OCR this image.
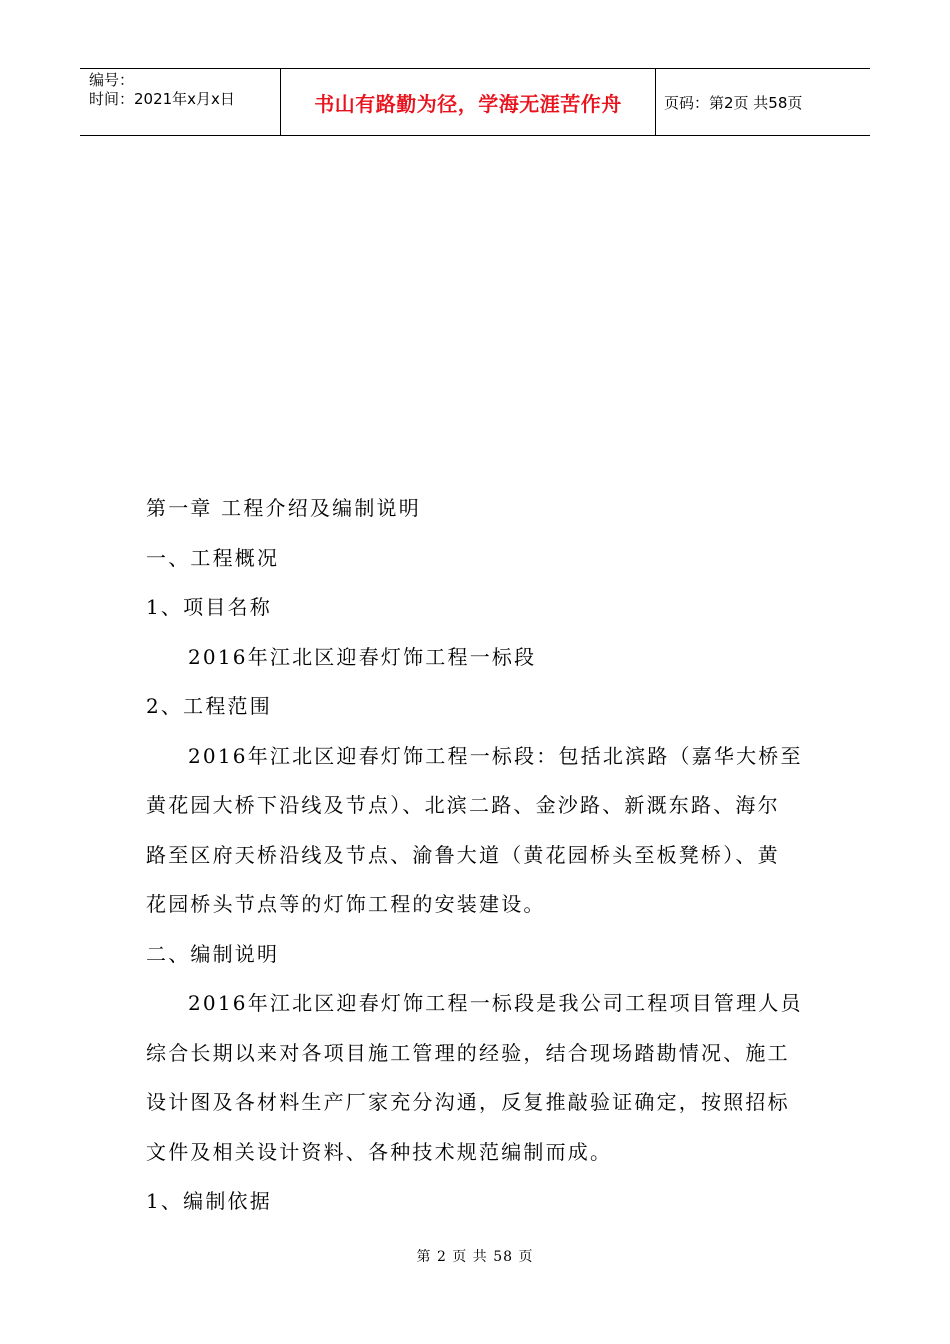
编号：
时间：2021年x月x日	书山有路勤为径，学海无涯苦作舟	页码：第2页 共58页
第一章 工程介绍及编制说明
一、工程概况
1、项目名称
2016年江北区迎春灯饰工程一标段
2、工程范围
2016年江北区迎春灯饰工程一标段：包括北滨路（嘉华大桥至
黄花园大桥下沿线及节点）、北滨二路、金沙路、新溉东路、海尔
路至区府天桥沿线及节点、渝鲁大道（黄花园桥头至板凳桥）、黄
花园桥头节点等的灯饰工程的安装建设。
二、编制说明
2016年江北区迎春灯饰工程一标段是我公司工程项目管理人员
综合长期以来对各项目施工管理的经验，结合现场踏勘情况、施工
设计图及各材料生产厂家充分沟通，反复推敲验证确定，按照招标
文件及相关设计资料、各种技术规范编制而成。
1、编制依据
第 2 页 共 58 页
